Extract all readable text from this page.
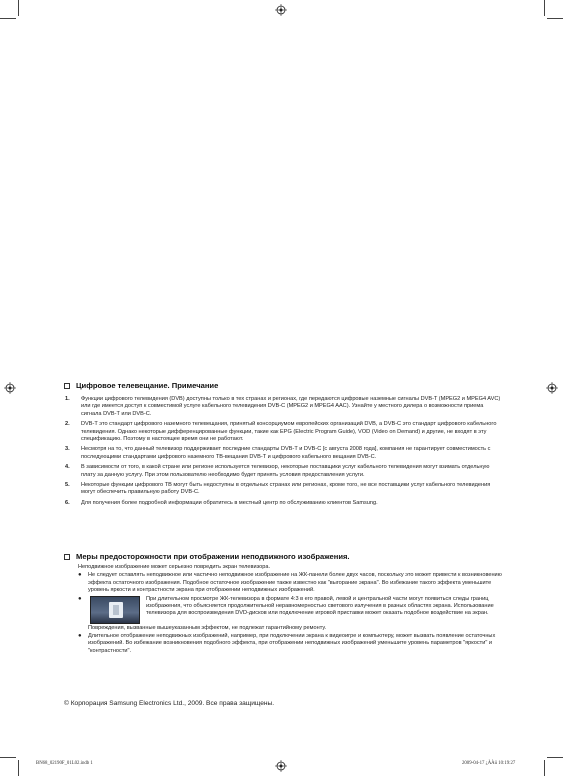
Цифровое телевещание. Примечание
1.	Функции цифрового телевидения (DVB) доступны только в тех странах и регионах, где передаются цифровые наземные сигналы DVB-T (MPEG2 и MPEG4 AVC) или где имеется доступ к совместимой услуге кабельного телевидения DVB-C (MPEG2 и MPEG4 AAC). Узнайте у местного дилера о возможности приема сигнала DVB-T или DVB-C.
2.	DVB-T это стандарт цифрового наземного телевещания, принятый консорциумом европейских организаций DVB, а DVB-C это стандарт цифрового кабельного телевидения. Однако некоторые дифференцированные функции, такие как EPG (Electric Program Guide), VOD (Video on Demand) и другие, не входят в эту спецификацию. Поэтому в настоящее время они не работают.
3.	Несмотря на то, что данный телевизор поддерживает последние стандарты DVB-T и DVB-C [с августа 2008 года], компания не гарантирует совместимость с последующими стандартами цифрового наземного ТВ-вещания DVB-T и цифрового кабельного вещания DVB-C.
4.	В зависимости от того, в какой стране или регионе используется телевизор, некоторые поставщики услуг кабельного телевидения могут взимать отдельную плату за данную услугу. При этом пользователю необходимо будет принять условия предоставления услуги.
5.	Некоторые функции цифрового ТВ могут быть недоступны в отдельных странах или регионах, кроме того, не все поставщики услуг кабельного телевидения могут обеспечить правильную работу DVB-C.
6.	Для получения более подробной информации обратитесь в местный центр по обслуживанию клиентов Samsung.
Меры предосторожности при отображении неподвижного изображения.
Неподвижное изображение может серьезно повредить экран телевизора.
●	Не следует оставлять неподвижное или частично неподвижное изображение на ЖК-панели более двух часов, поскольку это может привести к возникновению эффекта остаточного изображения. Подобное остаточное изображение также известно как "выгорание экрана". Во избежание такого эффекта уменьшите уровень яркости и контрастности экрана при отображении неподвижных изображений.
●	При длительном просмотре ЖК-телевизора в формате 4:3 в его правой, левой и центральной части могут появиться следы границ изображения, что объясняется продолжительной неравномерностью светового излучения в разных областях экрана. Использование телевизора для воспроизведения DVD-дисков или подключение игровой приставки может оказать подобное воздействие на экран.
Повреждения, вызванные вышеуказанным эффектом, не подлежат гарантийному ремонту.
●	Длительное отображение неподвижных изображений, например, при подключении экрана к видеоигре и компьютеру, может вызвать появление остаточных изображений. Во избежание возникновения подобного эффекта, при отображении неподвижных изображений уменьшите уровень параметров "яркости" и "контрастности".
© Корпорация Samsung Electronics Ltd., 2009. Все права защищены.
BN68_02190F_01L02.indb 1	2009-04-17 ¿ÀÀü 10:19:27
